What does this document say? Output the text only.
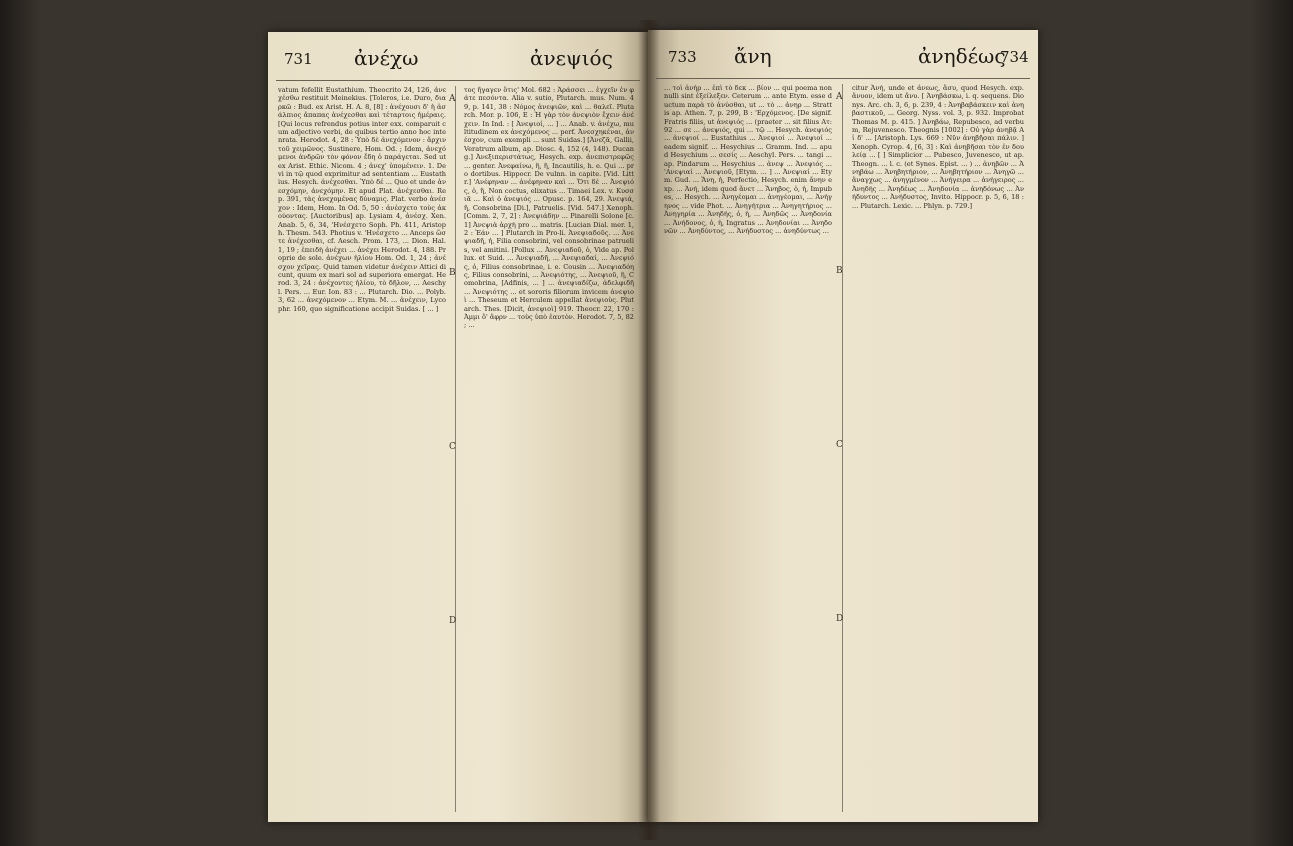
731 ἀνέχω	ἀνεψιός

vatum fefellit Eustathium. Theocrito 24, 126, ἀνεχέσθω restituit Meinekius. [Toleros, i.e. Duro, διαρκῶ : Bud. ex Arist. H. A. 8, [8] : ἀνέχουσι δ' ἡ ἀσάλπιος ἄπαπας ἀνέχεσθαι καὶ τέταρτοις ἡμέραις. [Qui locus refrendus potius inter exx. comparuit cum adjectivo verbi, de quibus tertio anno hoc intenrata. Herodot. 4, 28 : Ὑπὸ δὲ ἀνεχόμενον : ἄρχιν τοῦ χειμῶνος. Sustinere, Hom. Od. ; Idem, ἀνεχόμενοι ἀνδρῶν τὸν φόνον ἔδη ὁ παράγεται. Sed ut ex Arist. Ethic. Nicom. 4 ; ἀνεχ' ὑπομένειν. 1. De vi in τῷ quod exprimitur ad sententiam ... Eustathius. Hesych. ἀνέχεσθαι. Ὑπὸ δέ ... Quo et unde ἀνεσχόμην, ἀνεχόμην. Et apud Plat. ἀνέχεσθαι. Rep. 391, τὰς ἀνεχομένας δύναμις. Plat. verbo ἀνέσχον : Idem, Hom. In Od. 5, 50 : ἀνέσχετο τοὺς ἀκούοντας. [Auctoribus] ap. Lysiam 4, ἀνέσχ. Xen. Anab. 5, 6, 34, 'Ηνέσχετο Soph. Ph. 411, Aristoph. Thesm. 543. Photius v. 'Ηνέσχετο ... Anceps ὥστε ἀνέχεσθαι, cf. Aesch. Prom. 173, ... Dion. Hal. 1, 19 ; ἐπειδὴ ἀνέχει ... ἀνέχει Herodot. 4, 188. Proprie de sole. ἀνέχων ἡλίου Hom. Od. 1, 24 ; ἀνέσχον χεῖρας. Quid tamen videtur ἀνέχειν Attici dicunt, quum ex mari sol ad superiora emergat. Herod. 3, 24 : ἀνέχοντες ἡλίου, τὸ δῆλον, ... Aeschyl. Pers. ... Eur. Ion. 83 : ... Plutarch. Dio. ... Polyb. 3, 62 ... ἀνεχόμενον ... Etym. M. ... ἀνέχειν, Lycophr. 160, quo significatione accipit Suidas. [ ... ]

A
B
C
D

τος ἤγαγεν ὅτις' Mol. 682 : Ἀράσσει ... ἐγχεῖν ἐν φάτε πεσόντα. Alia v. sutio, Plutarch. mus. Num. 49, p. 141, 38 : Νόμος ἀνεψιῶν, καὶ ... θαλεῖ. Plutarch. Mor. p. 106, E : Ἡ γὰρ τὸν ἀνεψιὸν ἔχειν ἀνέχειν. In Ind. : [ Ἀνεψιοί, ... ] ... Anab. v. ἀνέχω, multitudinem ex ἀνεχόμενος ... perf. Ἀνεσχηκέναι, ἀνέσχον, cum exempli ... sunt Suidas.] [Ἀνεζᾶ, Gallii, Veratrum album, ap. Diosc. 4, 152 (4, 148). Ducang.] Ἀνεξιπεριστάτως, Hesych. exp. ἀνεπιστρεφῶς ... genter. Ἀνεφαίνω, ἢ, ἢ, Incautilis, h. e. Qui ... pro dortibus. Hippocr. De vulnn. in capite. [Vid. Littr.] 'Ανέφηναν ... ἀνέφηναν καὶ ... Ὅτι δὲ ... Ἀνεψιός, ὁ, ἢ, Non coctus, elixatus ... Timaei Lex. v. Κυσσιᾶ ... Καὶ ὁ ἀνεψιός ... Opusc. p. 164, 29. Ἀνεψιά, ἢ, Consobrina [Di.], Patruelis. [Vid. 547.] Xenoph. [Comm. 2, 7, 2] : Ἀνεψιάδην ... Pinarelli Solonе [c. 1] Ἀνεψιὰ ἀρχὴ pro ... matris. [Lucian Dial. mer. 1, 2 : Ἐάν ... ] Plutarch in Pro-li. Ἀνεψιαδοῦς. ... Ἀνεψιαδῆ, ἡ, Filia consobrini, vel consobrinae patruelis, vel amitini. [Pollux ... Ἀνεψιαδοῦ, ὁ, Vide ap. Pollux. et Suid. ... Ἀνεψιαδῆ, ... Ἀνεψιαδαί, ... Ἀνεψιός, ὁ, Filius consobrinae, i. e. Cousin ... Ἀνεψιαδόης, Filius consobrini, ... Ἀνεψιότης, ... Ἀνεψιοῦ, ἢ, Comobrina, [Adfinis, ... ] ... ἀνεψιαδίζω, ἀδελφιδῆ ... Ἀνεψιότης ... et sororis filiorum invicem ἀνεψιοὶ ... Theseum et Herculem appellat ἀνεψιοὺς. Plutarch. Thes. [Dicit, ἀνεψιοὶ] 919. Theocr. 22, 170 : Ἀμμι ὅ' ἄφρν ... τοὺς ὑπὸ ἑαυτὸν. Herodot. 7, 5, 82 ; ...

733 ἄνη	ἀνηδέως
734

... τοὶ ἀνὴρ ... ἐπὶ τὸ δεκ ... βίον ... qui poema nonnulli sint ἐξείλεξεν. Ceterum ... ante Etym. esse ductum παρὰ τὸ ἀνύσθαι, ut ... τὸ ... ἀνηρ ... Strattis ap. Athen. 7, p. 299, B : 'Ερχόμενος. [De signif. Fratris filiis, ut ἀνεψιός ... (praeter ... sit filius Ατ: 92 ... σε ... ἀνεψιός, qui ... τῷ ... Hesych. ἀνεψιός ... ἀνεψιοί ... Eustathius ... Ἀνεψιοί ... Ἀνεψιοί ... eadem signif. ... Hesychius ... Gramm. Ind. ... apud Hesychium ... σεσίς ... Aeschyl. Pers. ... tangi ... ap. Pindarum ... Hesychius ... ἀνεψ ... Ἀνεψιός ... 'Ανεψιαί ... Ἀνεψιοῦ, [Etym. ... ] ... Ἀνεψιαί ... Etym. Gud. ... Ἄνη, ἡ, Perfectio, Hesych. enim ἄνην exp. ... Ἀνή, idem quod ἄνετ ... Ἄνηβος, ὁ, ἡ, Impubes, ... Hesych. ... Ἀνηγέομαι ... ἀνηγέομαι, ... Ἀνήγηνος ... vide Phot. ... Ἀνηγήτρια ... Ἀνηγητήριος ... Ἀνηγηρία ... Ἀνηδής, ὁ, ἡ, ... Ἀνηδῶς ... Ἀνηδονία ... Ἀνήδονος, ὁ, ἡ, Ingratus ... Ἀνηδονίαι ... Ἀνηδονῶν ... Ἀνηδύντος, ... Ἀνήδυστος ... ἀνηδύντως ...

A
B
C
D

citur Ἀνή, unde et ἀνεως, ἄσυ, quod Hesych. exp. ἄνυον, idem ut ἄνυ. [ Ἀνηβάσκω, i. q. sequens. Dionys. Arc. ch. 3, 6, p. 239, 4 : Ἀνηβαβάσκειν καὶ ἀνηβαστικοῦ, ... Georg. Nyss. vol. 3, p. 932. Improbat Thomas M. p. 415. ] Ἀνηβάω, Repubesco, ad verbum, Rejuvenesco. Theognis [1002] : Οὐ γὰρ ἀνηβᾷ Aἱ δ' ... [Aristoph. Lys. 669 : Νῦν ἀνηβῆσαι πάλιν. ] Xenoph. Cyrop. 4, [6, 3] : Καὶ ἀνηβῆσαι τὸν ἐν δουλείᾳ ... [ ] Simplicior ... Pubesco, Juvenesco, ut ap. Theogn. ... l. c. (et Synes. Epist. ... ) ... ἀνηβῶν ... Ἀνηβάω ... Ἀνηβητήριον, ... Ἀνηβητήριον ... Ἀνηγῶ ... ἄναγχως ... ἀνηγμένον ... Ἀνήγειρα ... ἀνήγειρος ... Ἀνηδής ... Ἀνηδέως ... Ἀνηδονία ... ἀνηδόνως ... Ἀνήδυντος ... Ἀνήδυστος, Invito. Hippocr. p. 5, 6, 18 : ... Plutarch. Lexic. ... Phlyn. p. 729.]
